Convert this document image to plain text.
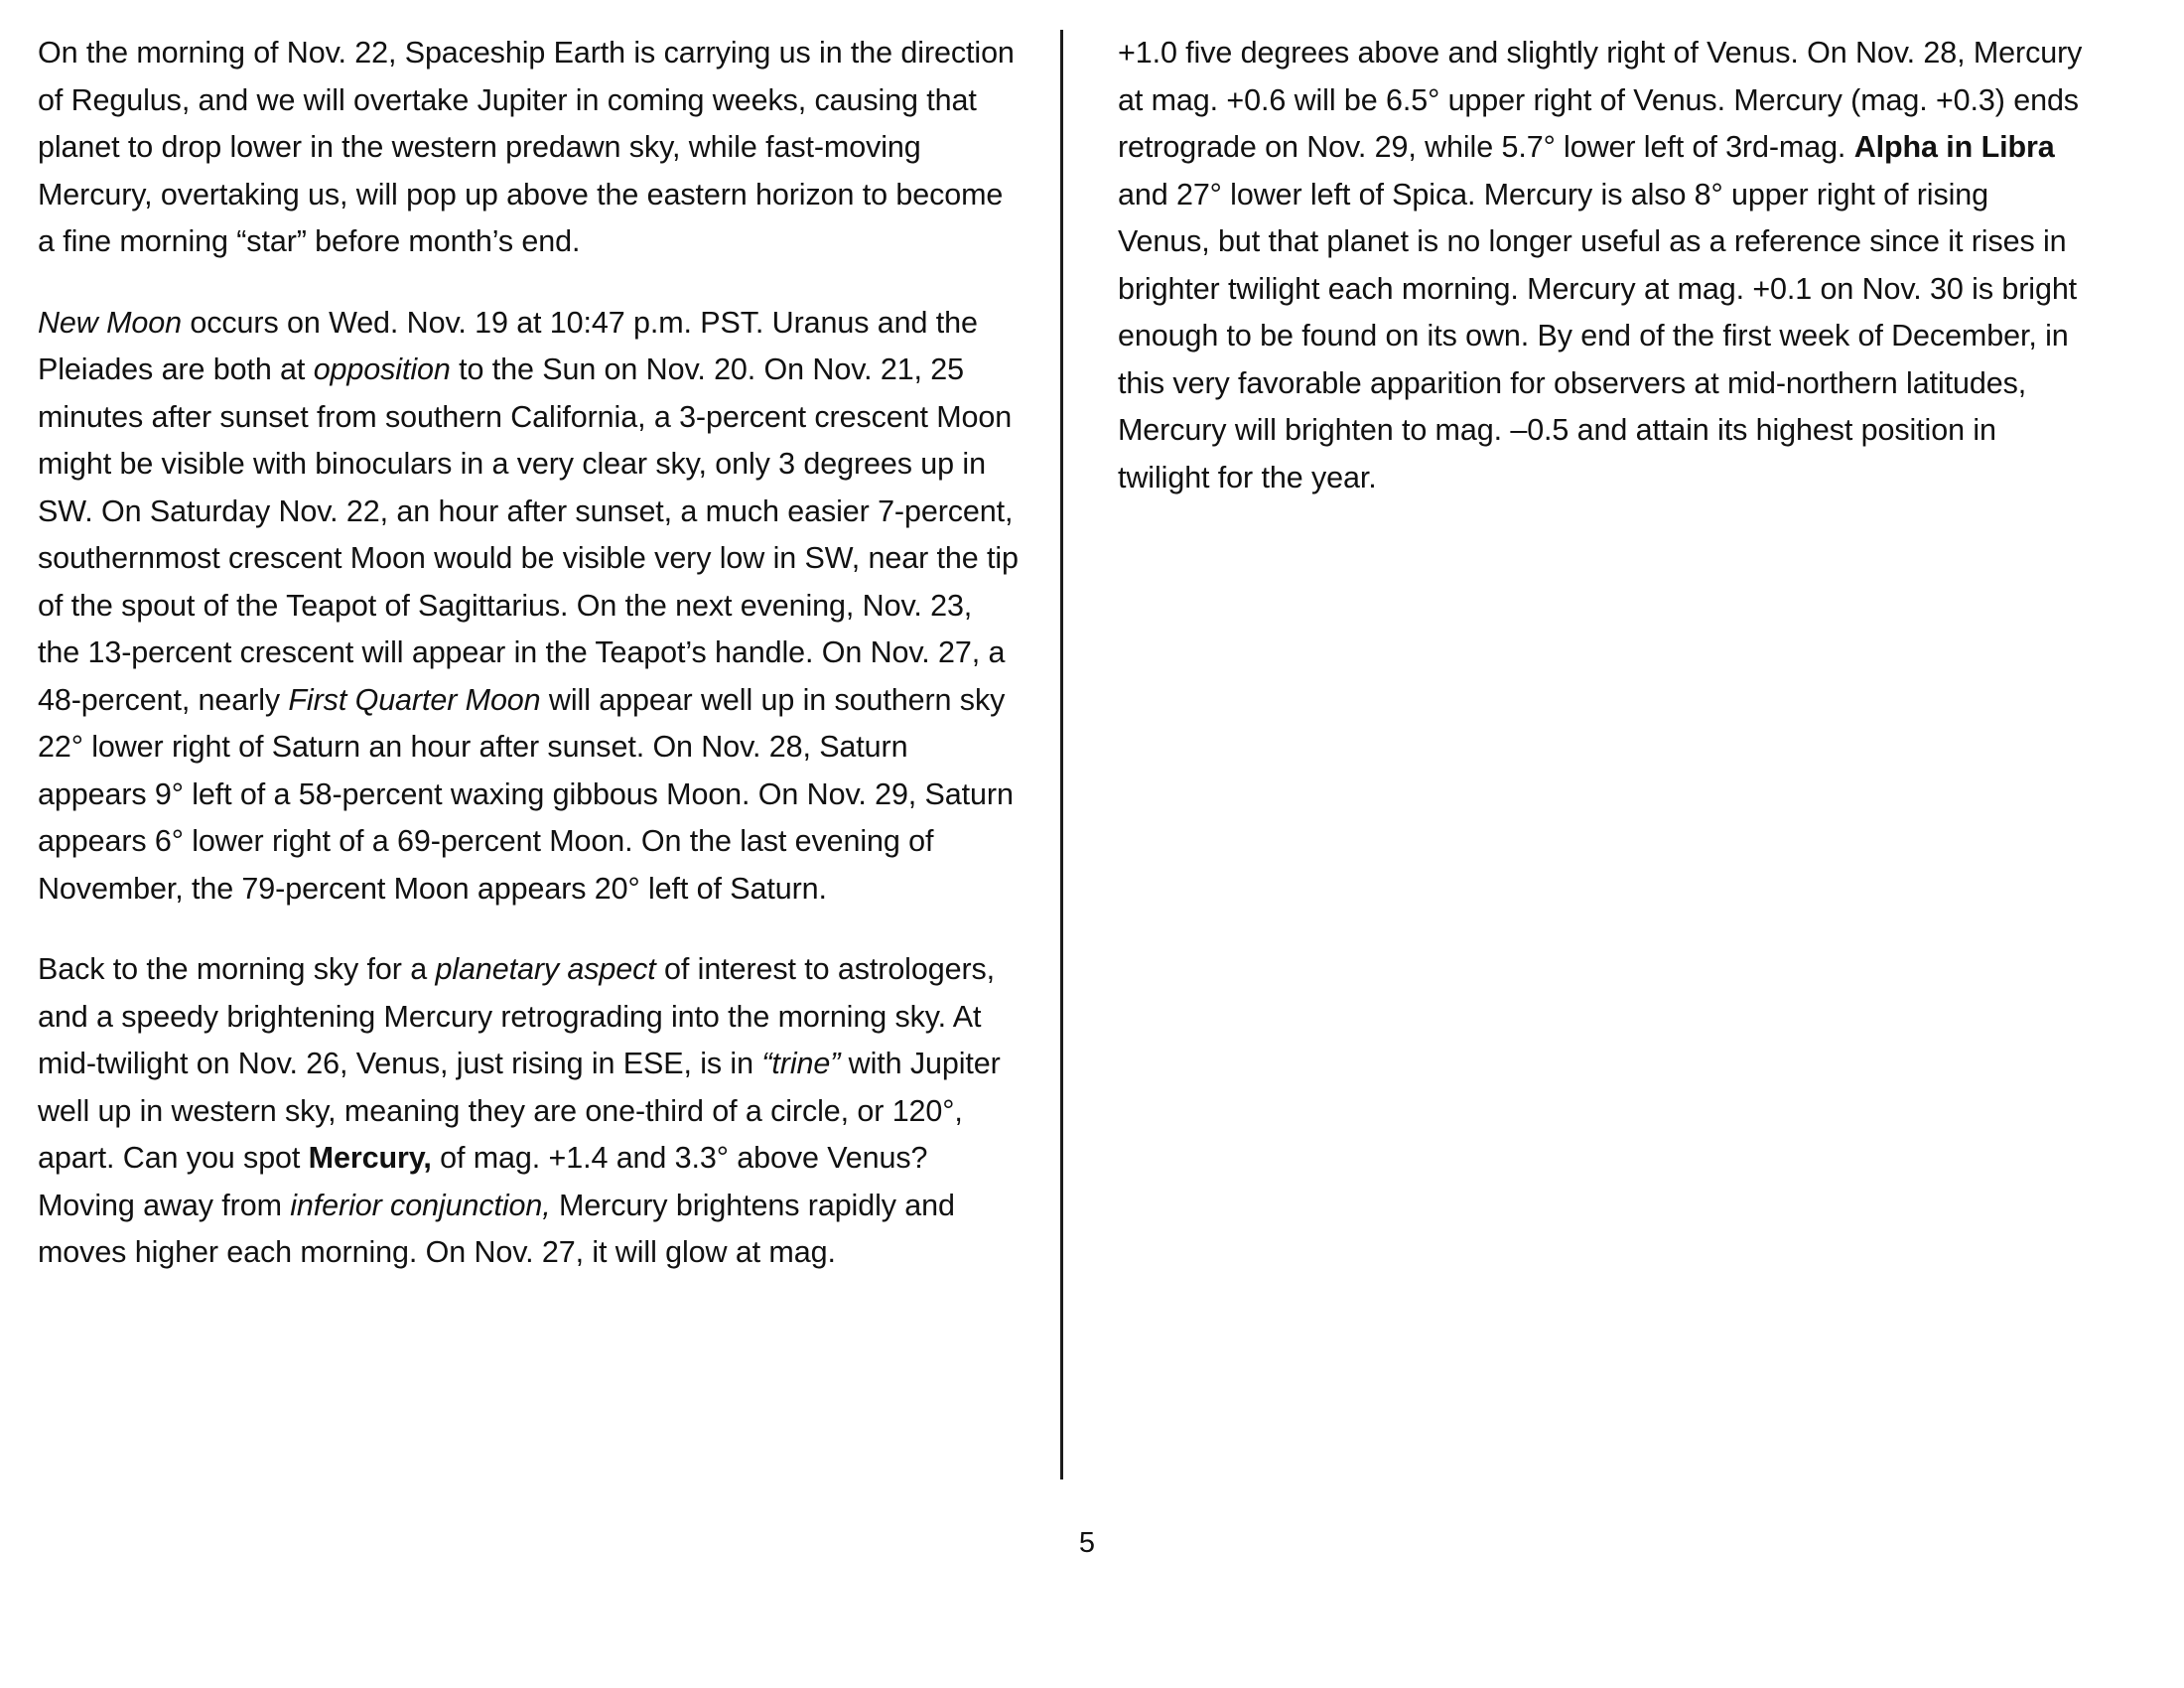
On the morning of Nov. 22, Spaceship Earth is carrying us in the direction of Regulus, and we will overtake Jupiter in coming weeks, causing that planet to drop lower in the western predawn sky, while fast-moving Mercury, overtaking us, will pop up above the eastern horizon to become a fine morning “star” before month’s end.

New Moon occurs on Wed. Nov. 19 at 10:47 p.m. PST. Uranus and the Pleiades are both at opposition to the Sun on Nov. 20. On Nov. 21, 25 minutes after sunset from southern California, a 3-percent crescent Moon might be visible with binoculars in a very clear sky, only 3 degrees up in SW. On Saturday Nov. 22, an hour after sunset, a much easier 7-percent, southernmost crescent Moon would be visible very low in SW, near the tip of the spout of the Teapot of Sagittarius. On the next evening, Nov. 23, the 13-percent crescent will appear in the Teapot’s handle. On Nov. 27, a 48-percent, nearly First Quarter Moon will appear well up in southern sky 22° lower right of Saturn an hour after sunset. On Nov. 28, Saturn appears 9° left of a 58-percent waxing gibbous Moon. On Nov. 29, Saturn appears 6° lower right of a 69-percent Moon. On the last evening of November, the 79-percent Moon appears 20° left of Saturn.

Back to the morning sky for a planetary aspect of interest to astrologers, and a speedy brightening Mercury retrograding into the morning sky. At mid-twilight on Nov. 26, Venus, just rising in ESE, is in “trine” with Jupiter well up in western sky, meaning they are one-third of a circle, or 120°, apart. Can you spot Mercury, of mag. +1.4 and 3.3° above Venus? Moving away from inferior conjunction, Mercury brightens rapidly and moves higher each morning. On Nov. 27, it will glow at mag.

+1.0 five degrees above and slightly right of Venus. On Nov. 28, Mercury at mag. +0.6 will be 6.5° upper right of Venus. Mercury (mag. +0.3) ends retrograde on Nov. 29, while 5.7° lower left of 3rd-mag. Alpha in Libra and 27° lower left of Spica. Mercury is also 8° upper right of rising Venus, but that planet is no longer useful as a reference since it rises in brighter twilight each morning. Mercury at mag. +0.1 on Nov. 30 is bright enough to be found on its own. By end of the first week of December, in this very favorable apparition for observers at mid-northern latitudes, Mercury will brighten to mag. –0.5 and attain its highest position in twilight for the year.

5
